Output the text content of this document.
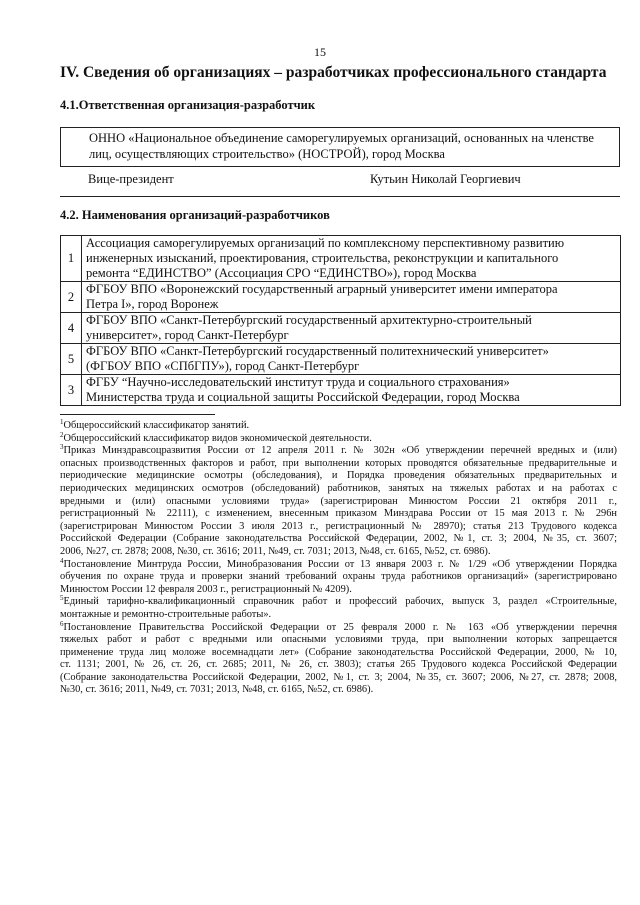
15
IV. Сведения об организациях – разработчиках профессионального стандарта
4.1.Ответственная организация-разработчик
ОННО «Национальное объединение саморегулируемых организаций, основанных на членстве
лиц, осуществляющих строительство» (НОСТРОЙ), город Москва
Вице-президент	Кутьин Николай Георгиевич
4.2. Наименования организаций-разработчиков
1	Ассоциация саморегулируемых организаций по комплексному перспективному развитию
инженерных изысканий, проектирования, строительства, реконструкции и капитального
ремонта “ЕДИНСТВО” (Ассоциация СРО “ЕДИНСТВО»), город Москва

2	ФГБОУ ВПО «Воронежский государственный аграрный университет имени императора
Петра I», город Воронеж

4	ФГБОУ ВПО «Санкт-Петербургский государственный архитектурно-строительный
университет», город Санкт-Петербург

5	ФГБОУ ВПО «Санкт-Петербургский государственный политехнический университет»
(ФГБОУ ВПО «СПбГПУ»), город Санкт-Петербург

3	ФГБУ “Научно-исследовательский институт труда и социального страхования»
Министерства труда и социальной защиты Российской Федерации, город Москва
$^1$Общероссийский классификатор занятий.
$^2$Общероссийский классификатор видов экономической деятельности.
$^3$Приказ Минздравсоцразвития России от 12 апреля 2011 г. № 302н «Об утверждении перечней вредных и (или)
опасных производственных факторов и работ, при выполнении которых проводятся обязательные предварительные и
периодические медицинские осмотры (обследования), и Порядка проведения обязательных предварительных и
периодических медицинских осмотров (обследований) работников, занятых на тяжелых работах и на работах с
вредными и (или) опасными условиями труда» (зарегистрирован Минюстом России 21 октября 2011 г.,
регистрационный № 22111), с изменением, внесенным приказом Минздрава России от 15 мая 2013 г. № 296н
(зарегистрирован Минюстом России 3 июля 2013 г., регистрационный № 28970); статья 213 Трудового кодекса
Российской Федерации (Собрание законодательства Российской Федерации, 2002, №1, ст. 3; 2004, №35, ст. 3607;
2006, №27, ст. 2878; 2008, №30, ст. 3616; 2011, №49, ст. 7031; 2013, №48, ст. 6165, №52, ст. 6986).
$^4$Постановление Минтруда России, Минобразования России от 13 января 2003 г. № 1/29 «Об утверждении Порядка
обучения по охране труда и проверки знаний требований охраны труда работников организаций» (зарегистрировано
Минюстом России 12 февраля 2003 г., регистрационный № 4209).
$^5$Единый тарифно-квалификационный справочник работ и профессий рабочих, выпуск 3, раздел «Строительные,
монтажные и ремонтно-строительные работы».
$^6$Постановление Правительства Российской Федерации от 25 февраля 2000 г. № 163 «Об утверждении перечня
тяжелых работ и работ с вредными или опасными условиями труда, при выполнении которых запрещается
применение труда лиц моложе восемнадцати лет» (Собрание законодательства Российской Федерации, 2000, № 10,
ст. 1131; 2001, № 26, ст. 26, ст. 2685; 2011, № 26, ст. 3803); статья 265 Трудового кодекса Российской Федерации
(Собрание законодательства Российской Федерации, 2002, №1, ст. 3; 2004, №35, ст. 3607; 2006, №27, ст. 2878; 2008,
№30, ст. 3616; 2011, №49, ст. 7031; 2013, №48, ст. 6165, №52, ст. 6986).
